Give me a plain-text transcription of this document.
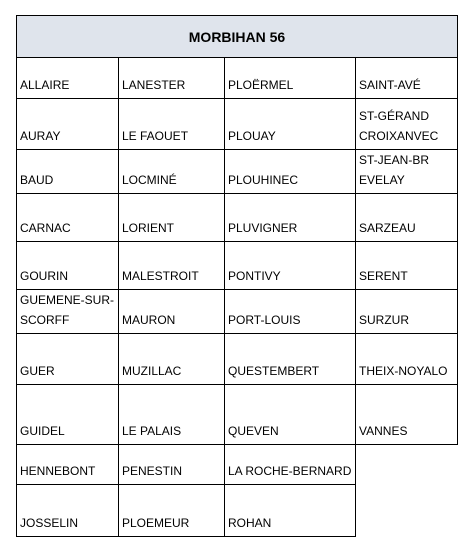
MORBIHAN 56			
ALLAIRE	LANESTER	PLOËRMEL	SAINT-AVÉ
AURAY	LE FAOUET	PLOUAY	ST-GÉRAND CROIXANVEC
BAUD	LOCMINÉ	PLOUHINEC	ST-JEAN-BREVELAY

CARNAC	LORIENT	PLUVIGNER	SARZEAU
GOURIN	MALESTROIT	PONTIVY	SERENT

GUEMENE-SUR-SCORFF	MAURON	PORT-LOUIS	SURZUR
GUER	MUZILLAC	QUESTEMBERT	THEIX-NOYALO
GUIDEL	LE PALAIS	QUEVEN	VANNES
HENNEBONT	PENESTIN	LA ROCHE-BERNARD	
JOSSELIN	PLOEMEUR	ROHAN	
